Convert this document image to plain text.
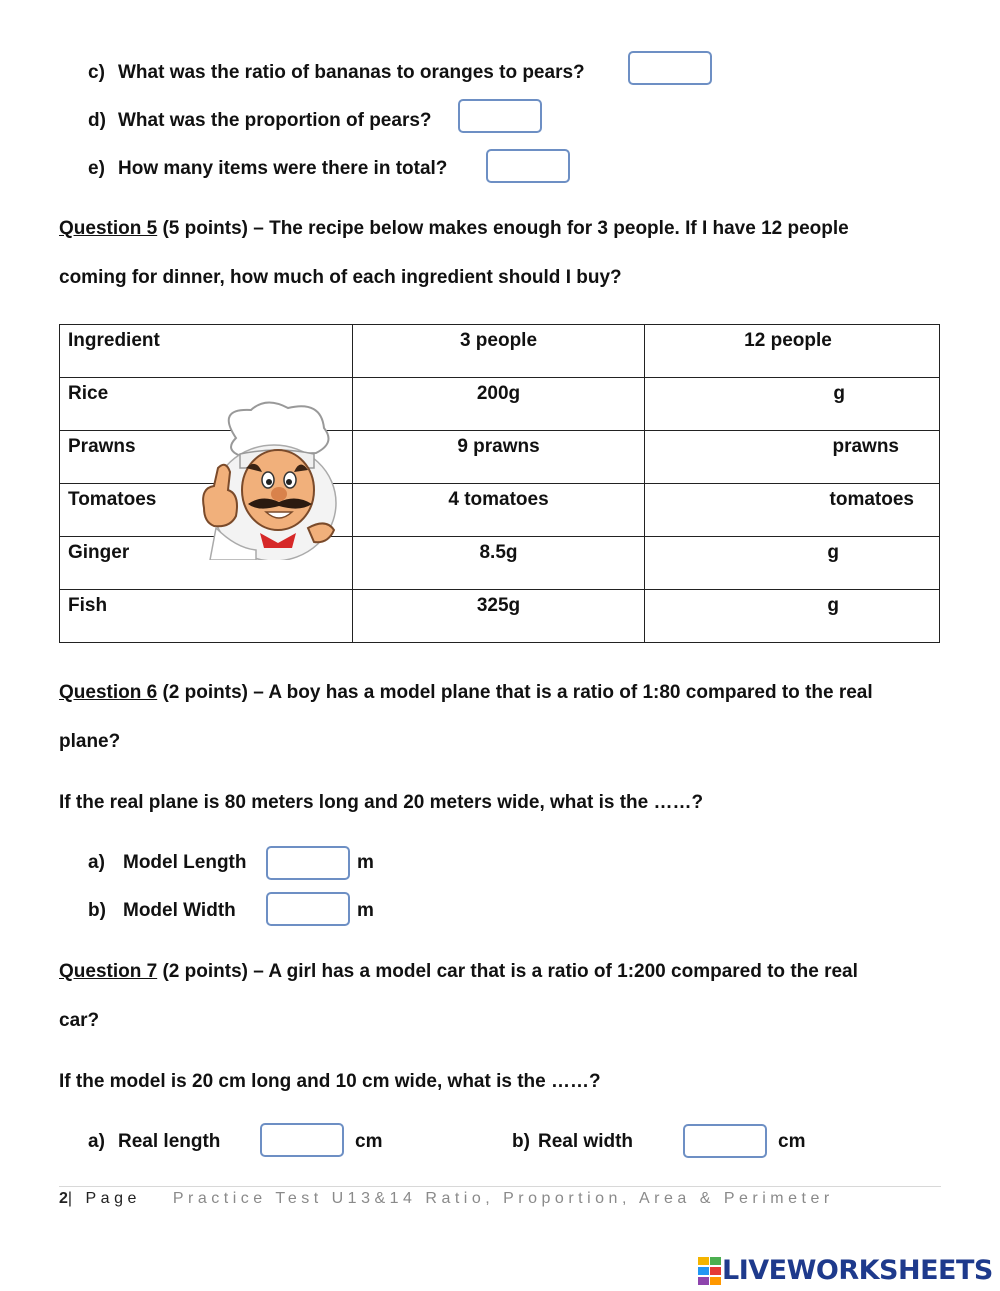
c) What was the ratio of bananas to oranges to pears?
d) What was the proportion of pears?
e) How many items were there in total?
Question 5 (5 points) – The recipe below makes enough for 3 people. If I have 12 people
coming for dinner, how much of each ingredient should I buy?
Ingredient	3 people	12 people
Rice	200g	g
Prawns	9 prawns	prawns
Tomatoes	4 tomatoes	tomatoes
Ginger	8.5g	g
Fish	325g	g
Question 6 (2 points) – A boy has a model plane that is a ratio of 1:80 compared to the real
plane?
If the real plane is 80 meters long and 20 meters wide, what is the ……?
a) Model Length	m
b) Model Width	m
Question 7 (2 points) – A girl has a model car that is a ratio of 1:200 compared to the real
car?
If the model is 20 cm long and 10 cm wide, what is the ……?
a) Real length	cm	b) Real width	cm
2| Page Practice Test U13&14 Ratio, Proportion, Area & Perimeter
LIVEWORKSHEETS
